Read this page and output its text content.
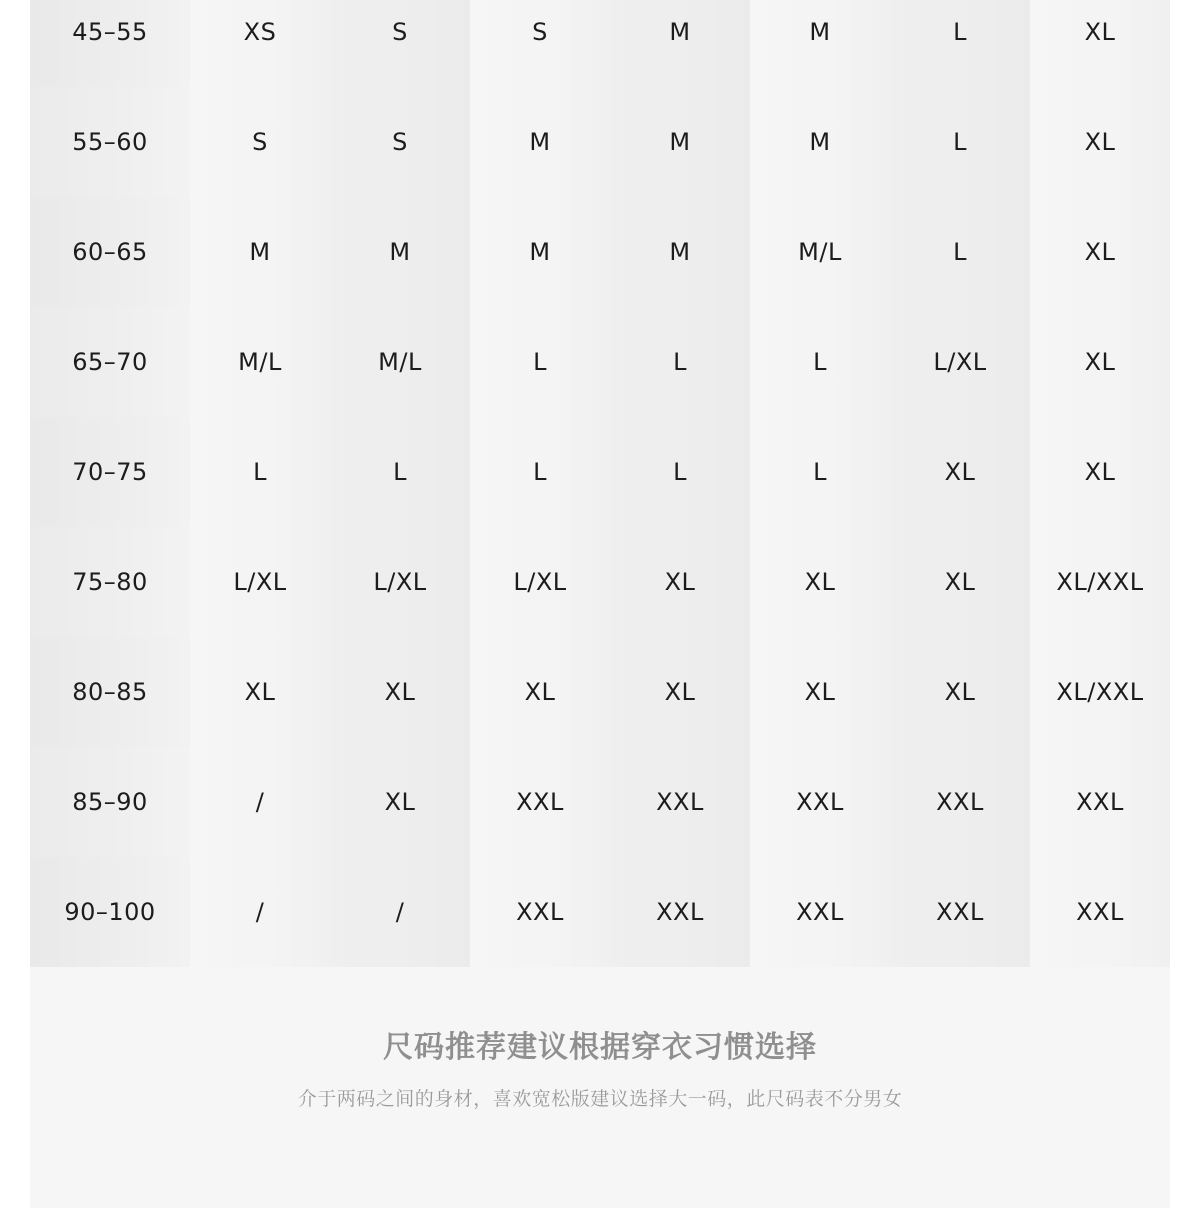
45–55	XS	S	S	M	M	L	XL
55–60	S	S	M	M	M	L	XL
60–65	M	M	M	M	M/L	L	XL
65–70	M/L	M/L	L	L	L	L/XL	XL
70–75	L	L	L	L	L	XL	XL
75–80	L/XL	L/XL	L/XL	XL	XL	XL	XL/XXL
80–85	XL	XL	XL	XL	XL	XL	XL/XXL
85–90	/	XL	XXL	XXL	XXL	XXL	XXL
90–100	/	/	XXL	XXL	XXL	XXL	XXL
尺码推荐建议根据穿衣习惯选择
介于两码之间的身材，喜欢宽松版建议选择大一码，此尺码表不分男女
